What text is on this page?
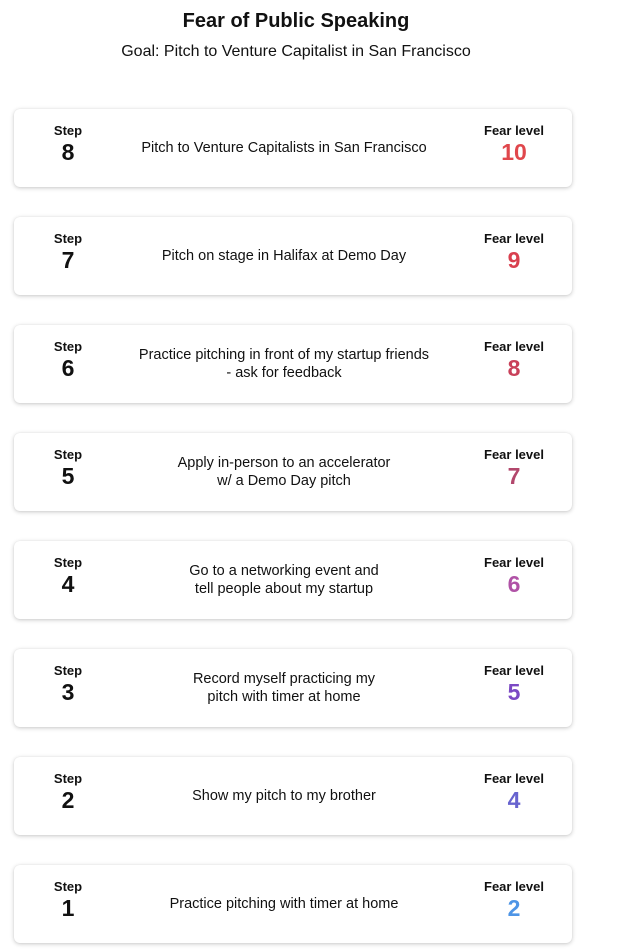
Fear of Public Speaking
Goal: Pitch to Venture Capitalist in San Francisco
Step
8	Pitch to Venture Capitalists in San Francisco
Fear level
10
Step
7	Pitch on stage in Halifax at Demo Day
Fear level
9
Step
6	Practice pitching in front of my startup friends
- ask for feedback
Fear level
8
Step
5	Apply in-person to an accelerator
w/ a Demo Day pitch
Fear level
7
Step
4	Go to a networking event and
tell people about my startup
Fear level
6
Step
3	Record myself practicing my
pitch with timer at home
Fear level
5
Step
2	Show my pitch to my brother
Fear level
4
Step
1	Practice pitching with timer at home
Fear level
2
